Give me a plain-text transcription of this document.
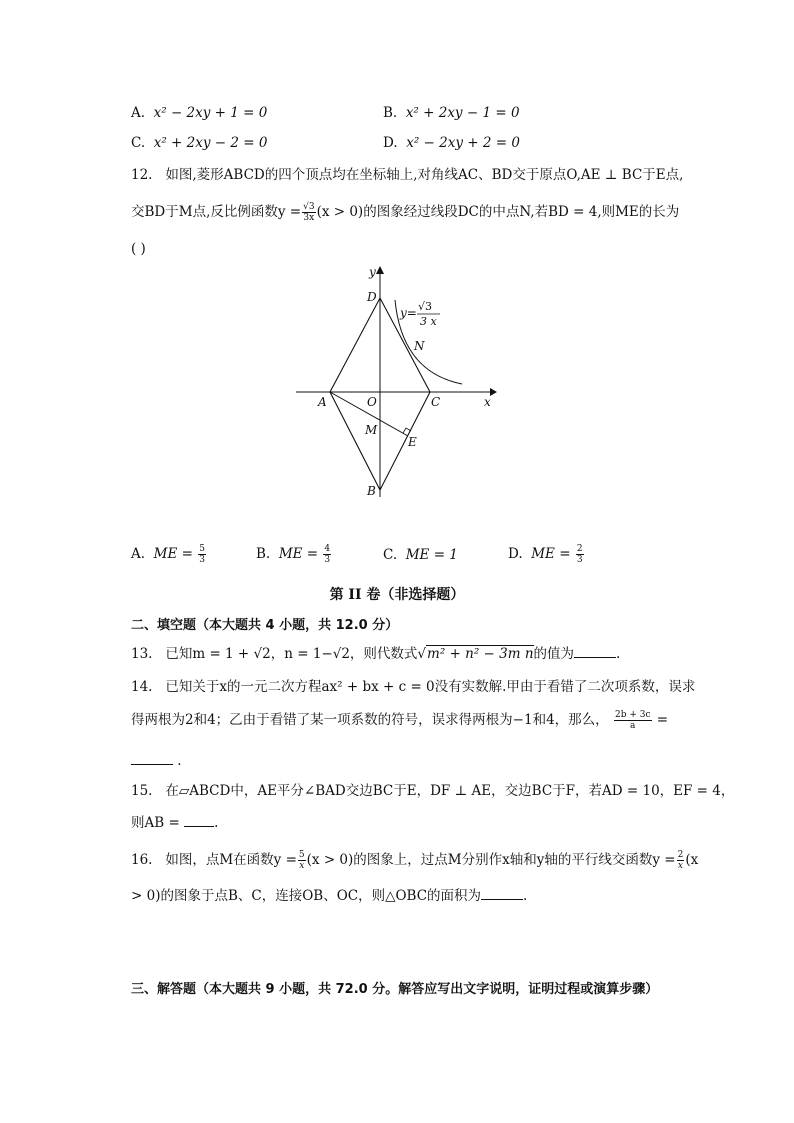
A. x² − 2xy + 1 = 0	B. x² + 2xy − 1 = 0
C. x² + 2xy − 2 = 0	D. x² − 2xy + 2 = 0
12. 如图,菱形ABCD的四个顶点均在坐标轴上,对角线AC、BD交于原点O,AE ⊥ BC于E点,
交BD于M点,反比例函数$y = \frac{√3}{3x} (x > 0)$的图象经过线段DC的中点N,若BD = 4,则ME的长为
( )
y
x
D
N
A	O	C
M
E
B
y= √3
3 x
A. ME = $\frac{5}{3}$	B. ME = $\frac{4}{3}$	C. ME = 1	D. ME = $\frac{2}{3}$
第 II 卷（非选择题）
二、填空题（本大题共 4 小题，共 12.0 分）
13. 已知m = 1 + √2，n = 1−√2，则代数式√m² + n² − 3m n的值为	.
14. 已知关于x的一元二次方程ax² + bx + c = 0没有实数解.甲由于看错了二次项系数，误求
得两根为2和4；乙由于看错了某一项系数的符号，误求得两根为−1和4，那么， $\frac{2b + 3c}{a}$ =
.
15. 在▱ABCD中，AE平分∠BAD交边BC于E，DF ⊥ AE，交边BC于F，若AD = 10，EF = 4，
则AB =	.
16. 如图，点M在函数$y = \frac{5}{x} (x > 0)$的图象上，过点M分别作x轴和y轴的平行线交函数$y = \frac{2}{x} (x$
> 0)的图象于点B、C，连接OB、OC，则△OBC的面积为	.
三、解答题（本大题共 9 小题，共 72.0 分。解答应写出文字说明，证明过程或演算步骤）
